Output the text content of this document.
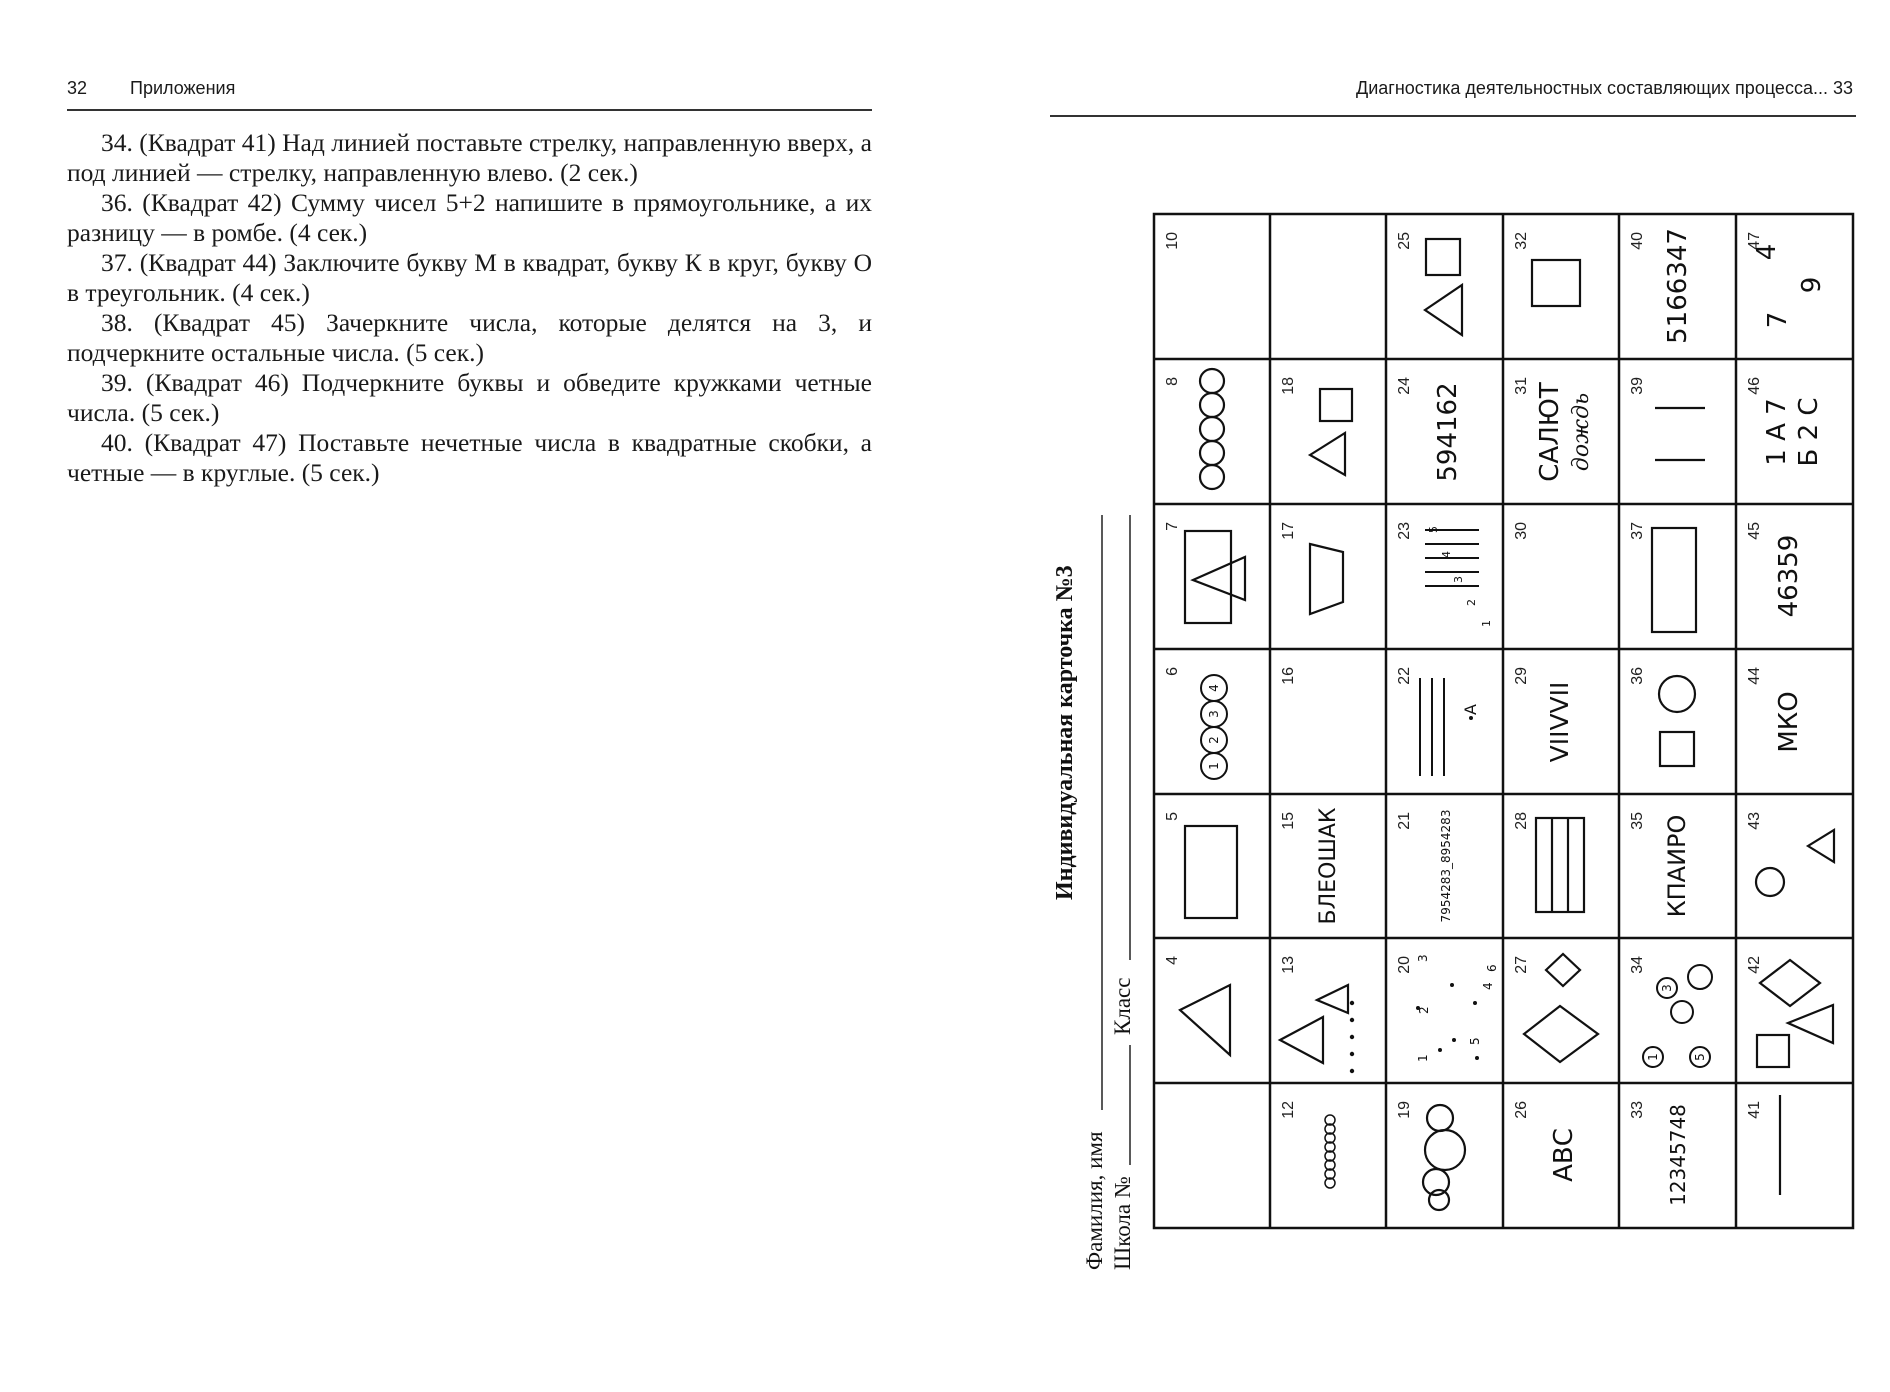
32 Приложения

34. (Квадрат 41) Над линией поставьте стрелку, направленную вверх, а под линией — стрелку, направленную влево. (2 сек.)

36. (Квадрат 42) Сумму чисел 5+2 напишите в прямоугольнике, а их разницу — в ромбе. (4 сек.)

37. (Квадрат 44) Заключите букву М в квадрат, букву К в круг, букву О в треугольник. (4 сек.)

38. (Квадрат 45) Зачеркните числа, которые делятся на 3, и подчеркните остальные числа. (5 сек.)

39. (Квадрат 46) Подчеркните буквы и обведите кружками четные числа. (5 сек.)

40. (Квадрат 47) Поставьте нечетные числа в квадратные скобки, а четные — в круглые. (5 сек.)

Диагностика деятельностных составляющих процесса... 33
Индивидуальная карточка №3
Фамилия, имя Школа №
Класс
10
8
7
6
5
4
18
17
16
15
13
12
25
24
23
22
21
20
19
32
31
30
29
28
27
26
40
39
37
36
35
34
33
47
46
45
44
43
42
41
1
2
3
4
БЛЕОШАК
594162
1
2
3
4
5
А
7954283_8954283
1
2
3
4
5
6
САЛЮТ дождь
VIIVVII
АВС
5166347
КПАИРО
1
3
5
12345748
4
7
9
1 А 7 Б 2 С
46359
МКО
